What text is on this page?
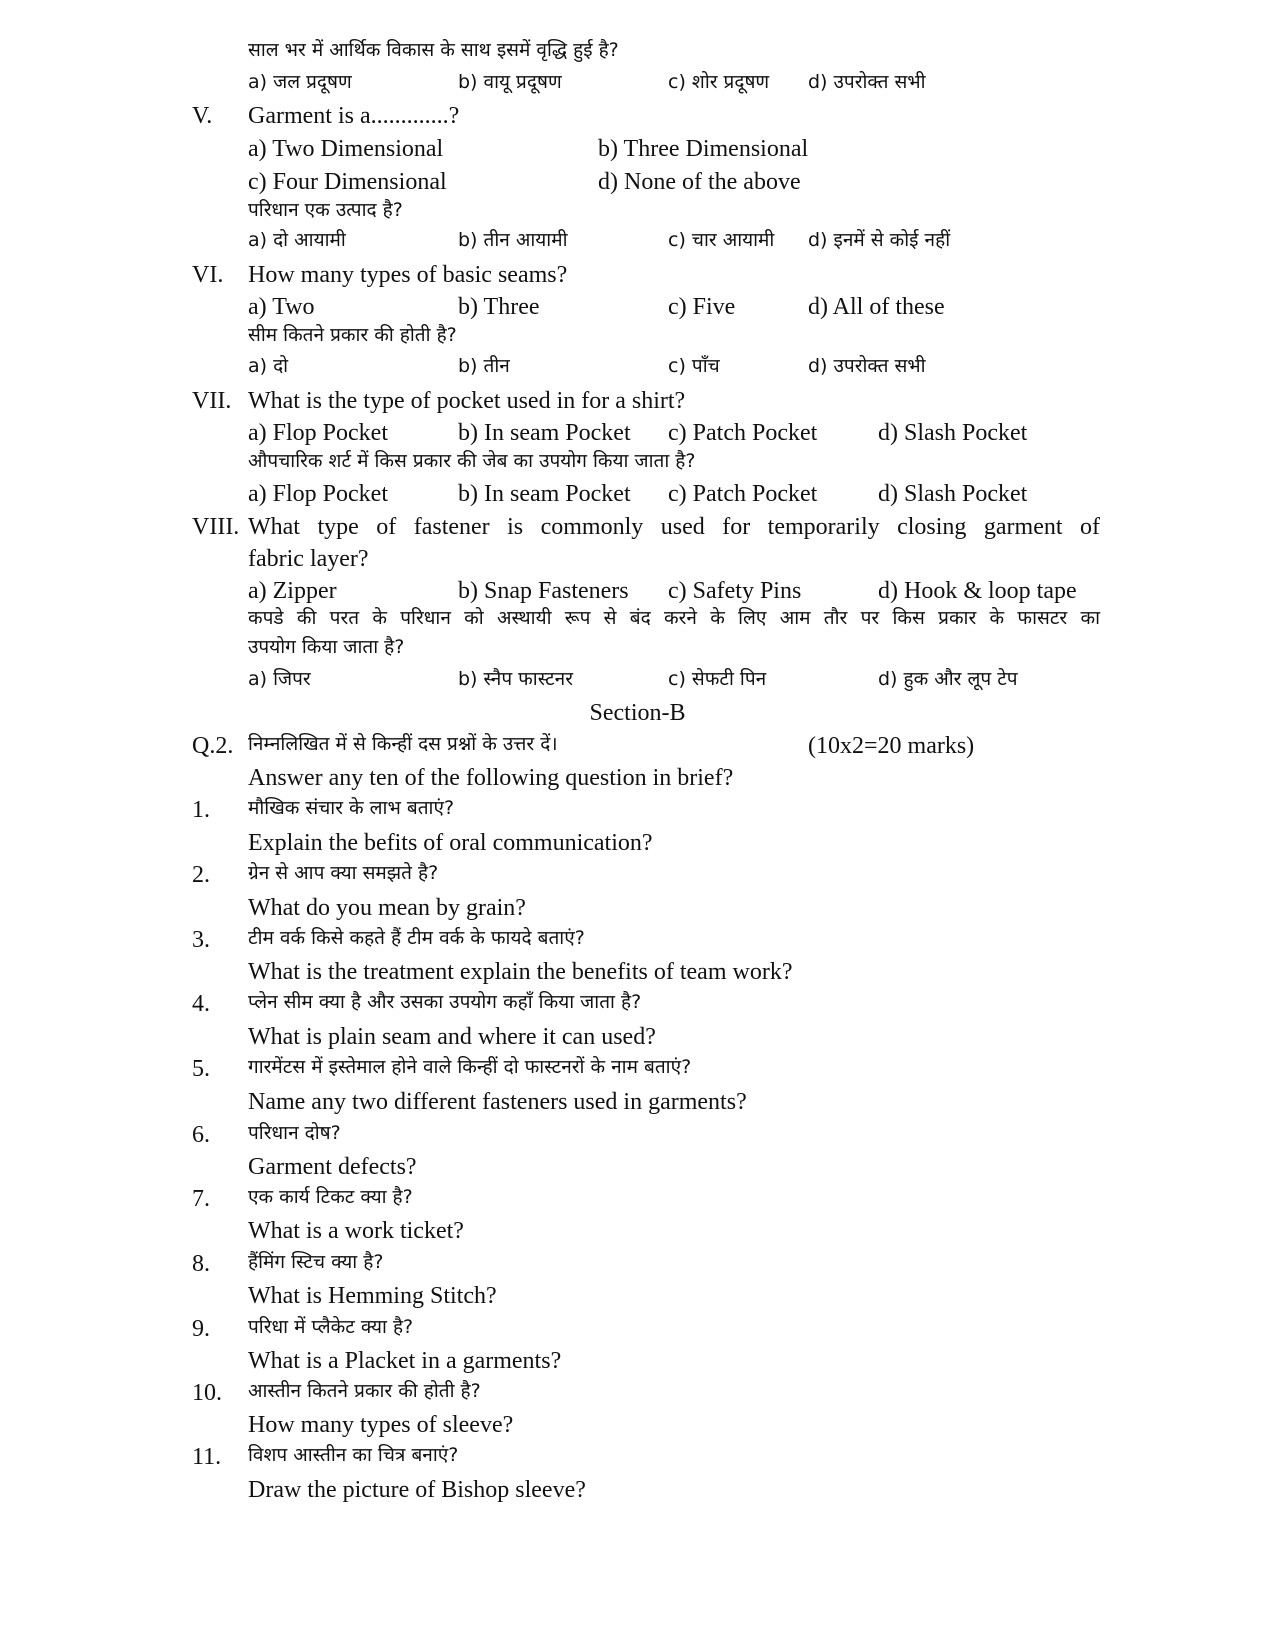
साल भर में आर्थिक विकास के साथ इसमें वृद्धि हुई है?
a) जल प्रदूषण	b) वायू प्रदूषण	c) शोर प्रदूषण d) उपरोक्त सभी
V. Garment is a.............?
a) Two Dimensional	b) Three Dimensional
c) Four Dimensional	d) None of the above
परिधान एक उत्पाद है?
a) दो आयामी	b) तीन आयामी	c) चार आयामी d) इनमें से कोई नहीं
VI. How many types of basic seams?
a) Two	b) Three	c) Five	d) All of these
सीम कितने प्रकार की होती है?
a) दो	b) तीन	c) पाँच	d) उपरोक्त सभी
VII. What is the type of pocket used in for a shirt?
a) Flop Pocket	b) In seam Pocket c) Patch Pocket	d) Slash Pocket
औपचारिक शर्ट में किस प्रकार की जेब का उपयोग किया जाता है?
a) Flop Pocket	b) In seam Pocket c) Patch Pocket	d) Slash Pocket
VIII. What type of fastener is commonly used for temporarily closing garment of
fabric layer?
a) Zipper	b) Snap Fasteners c) Safety Pins	d) Hook & loop tape
कपडे की परत के परिधान को अस्थायी रूप से बंद करने के लिए आम तौर पर किस प्रकार के फासटर का
उपयोग किया जाता है?
a) जिपर	b) स्नैप फास्टनर	c) सेफटी पिन	d) हुक और लूप टेप
Section-B
Q.2. निम्नलिखित में से किन्हीं दस प्रश्नों के उत्तर दें।	(10x2=20 marks)
Answer any ten of the following question in brief?
1. मौखिक संचार के लाभ बताएं?
Explain the befits of oral communication?
2. ग्रेन से आप क्या समझते है?
What do you mean by grain?
3. टीम वर्क किसे कहते हैं टीम वर्क के फायदे बताएं?
What is the treatment explain the benefits of team work?
4. प्लेन सीम क्या है और उसका उपयोग कहाँ किया जाता है?
What is plain seam and where it can used?
5. गारमेंटस में इस्तेमाल होने वाले किन्हीं दो फास्टनरों के नाम बताएं?
Name any two different fasteners used in garments?
6. परिधान दोष?
Garment defects?
7. एक कार्य टिकट क्या है?
What is a work ticket?
8. हैंमिंग स्टिच क्या है?
What is Hemming Stitch?
9. परिधा में प्लैकेट क्या है?
What is a Placket in a garments?
10. आस्तीन कितने प्रकार की होती है?
How many types of sleeve?
11. विशप आस्तीन का चित्र बनाएं?
Draw the picture of Bishop sleeve?
